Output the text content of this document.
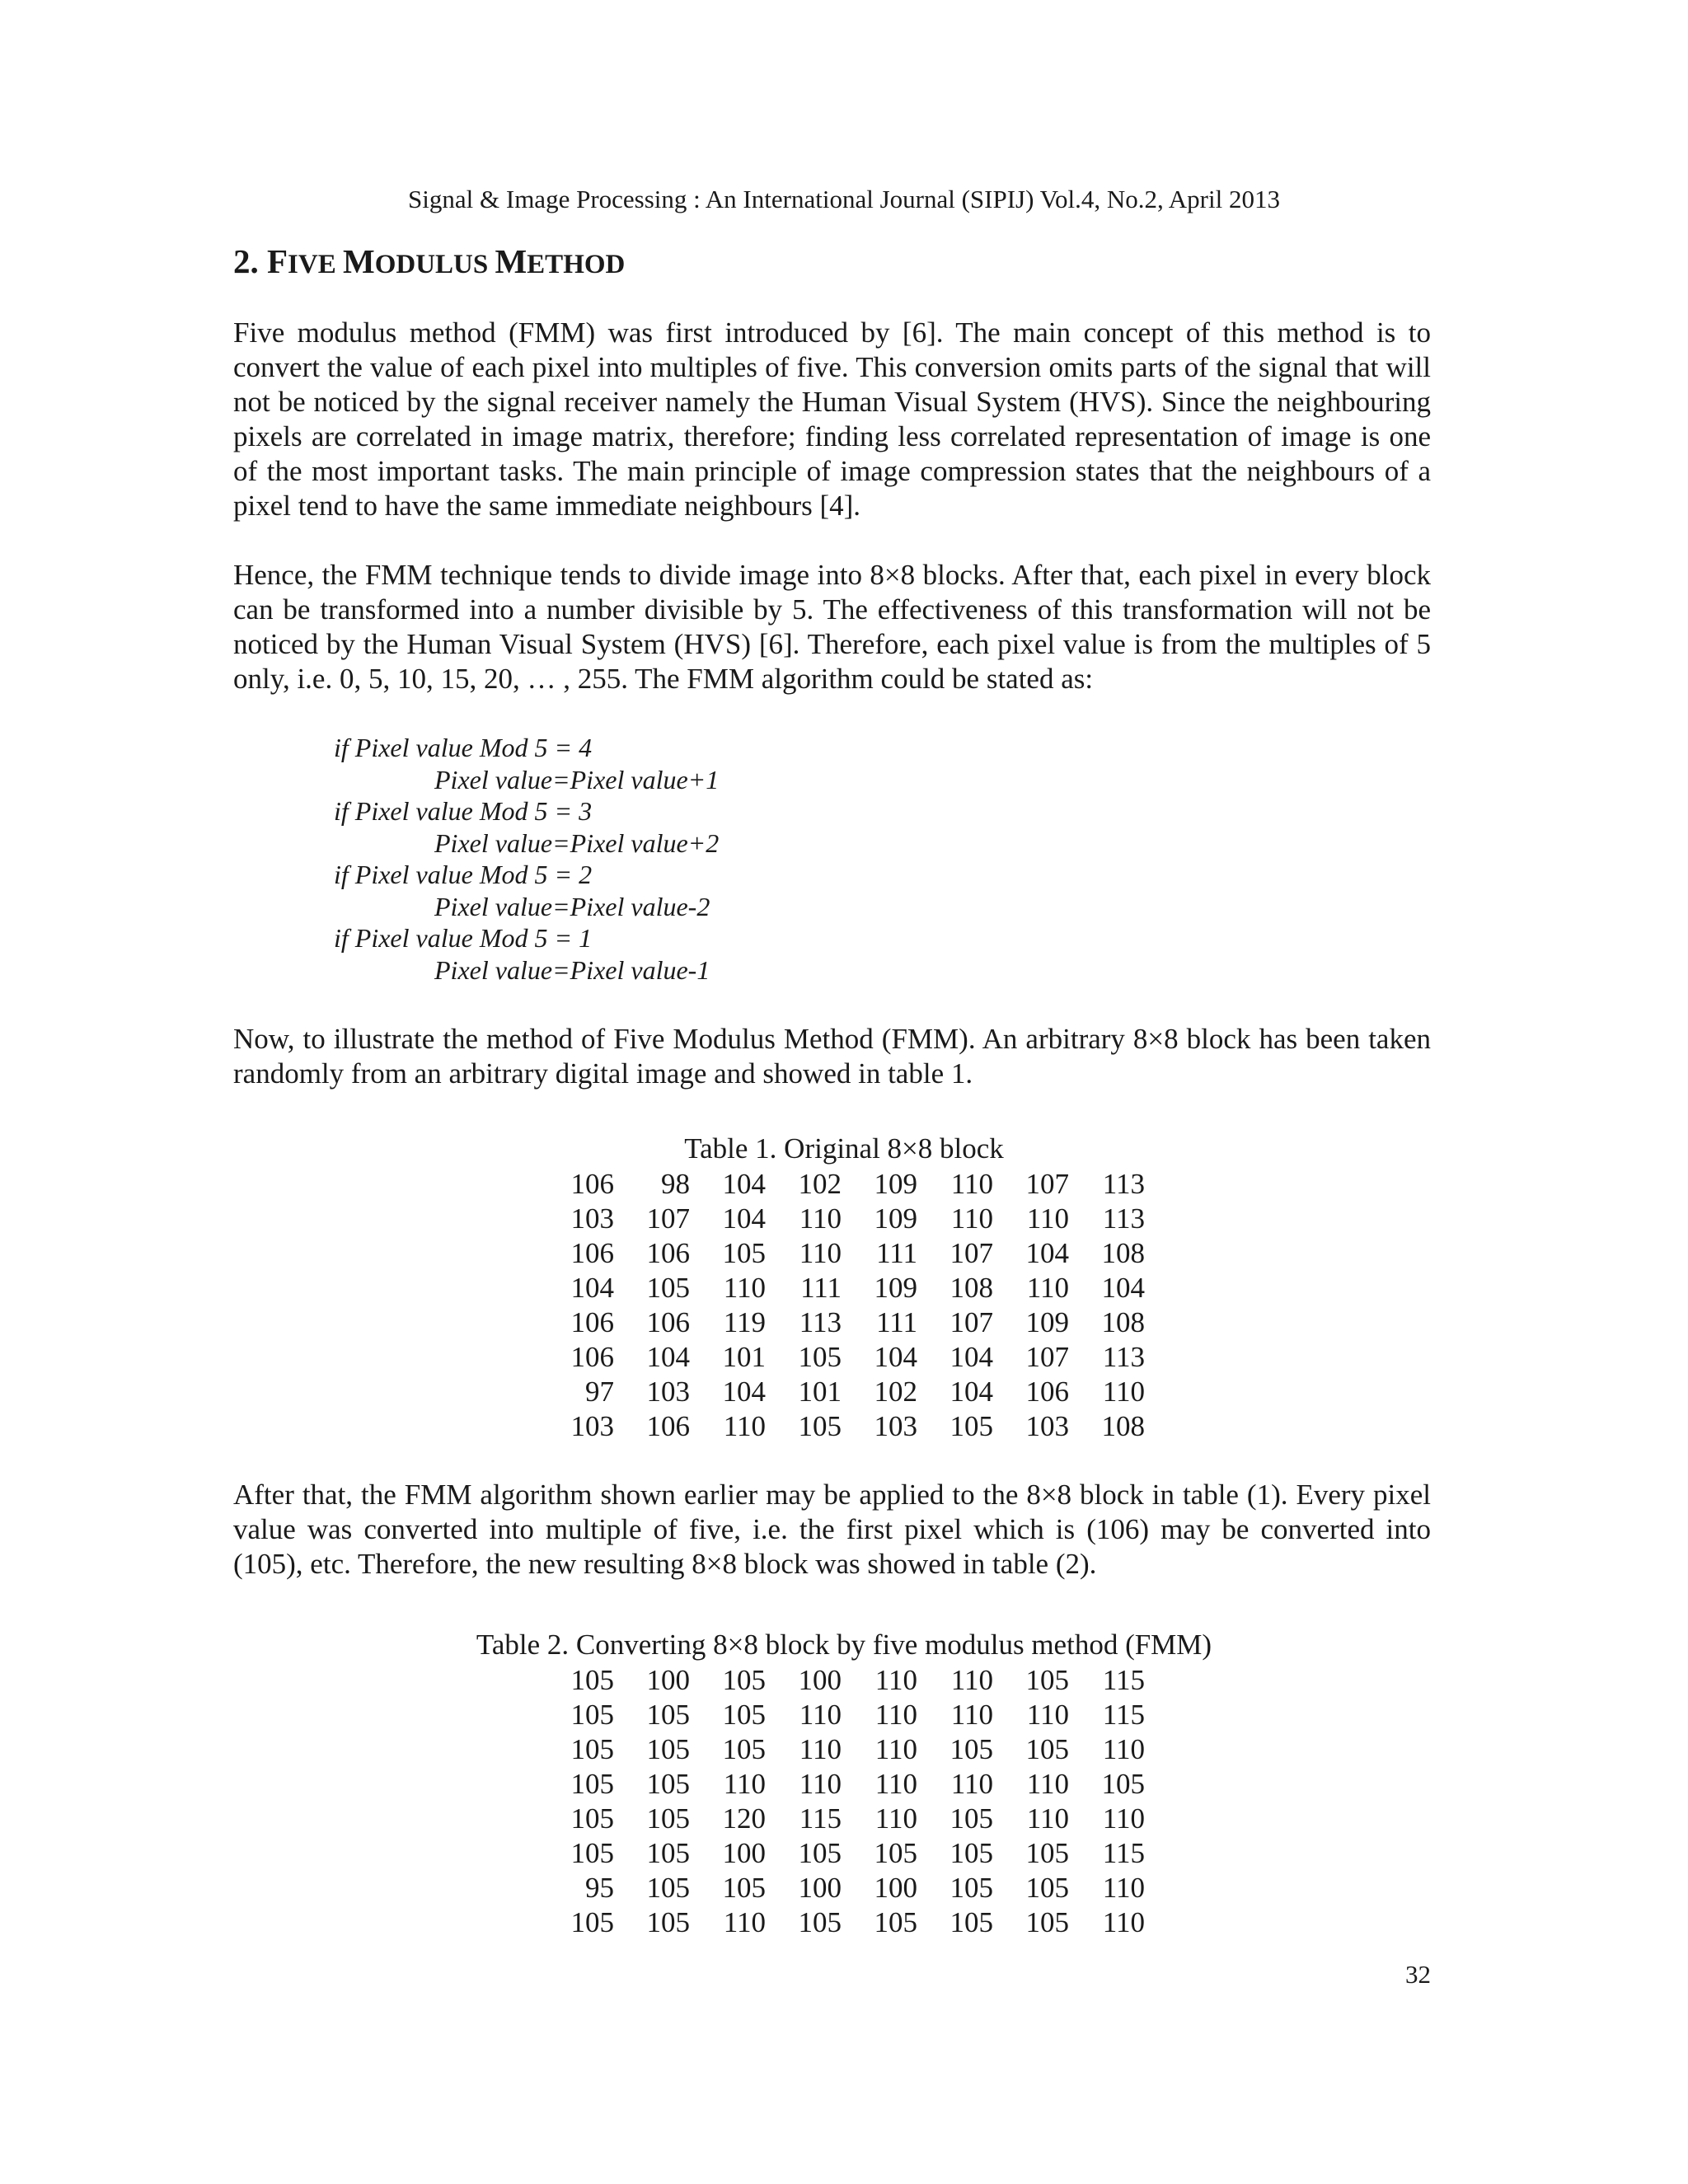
Signal & Image Processing : An International Journal (SIPIJ) Vol.4, No.2, April 2013
2. FIVE MODULUS METHOD

Five modulus method (FMM) was first introduced by [6]. The main concept of this method is to convert the value of each pixel into multiples of five. This conversion omits parts of the signal that will not be noticed by the signal receiver namely the Human Visual System (HVS). Since the neighbouring pixels are correlated in image matrix, therefore; finding less correlated representation of image is one of the most important tasks. The main principle of image compression states that the neighbours of a pixel tend to have the same immediate neighbours [4].

Hence, the FMM technique tends to divide image into 8×8 blocks. After that, each pixel in every block can be transformed into a number divisible by 5. The effectiveness of this transformation will not be noticed by the Human Visual System (HVS) [6]. Therefore, each pixel value is from the multiples of 5 only, i.e. 0, 5, 10, 15, 20, … , 255. The FMM algorithm could be stated as:

if Pixel value Mod 5 = 4
Pixel value=Pixel value+1
if Pixel value Mod 5 = 3
Pixel value=Pixel value+2
if Pixel value Mod 5 = 2
Pixel value=Pixel value-2
if Pixel value Mod 5 = 1
Pixel value=Pixel value-1

Now, to illustrate the method of Five Modulus Method (FMM). An arbitrary 8×8 block has been taken randomly from an arbitrary digital image and showed in table 1.

Table 1. Original 8×8 block
106	98	104	102	109	110	107	113
103	107	104	110	109	110	110	113
106	106	105	110	111	107	104	108
104	105	110	111	109	108	110	104
106	106	119	113	111	107	109	108
106	104	101	105	104	104	107	113
97	103	104	101	102	104	106	110
103	106	110	105	103	105	103	108

After that, the FMM algorithm shown earlier may be applied to the 8×8 block in table (1). Every pixel value was converted into multiple of five, i.e. the first pixel which is (106) may be converted into (105), etc. Therefore, the new resulting 8×8 block was showed in table (2).

Table 2. Converting 8×8 block by five modulus method (FMM)
105	100	105	100	110	110	105	115
105	105	105	110	110	110	110	115
105	105	105	110	110	105	105	110
105	105	110	110	110	110	110	105
105	105	120	115	110	105	110	110
105	105	100	105	105	105	105	115
95	105	105	100	100	105	105	110
105	105	110	105	105	105	105	110
32
